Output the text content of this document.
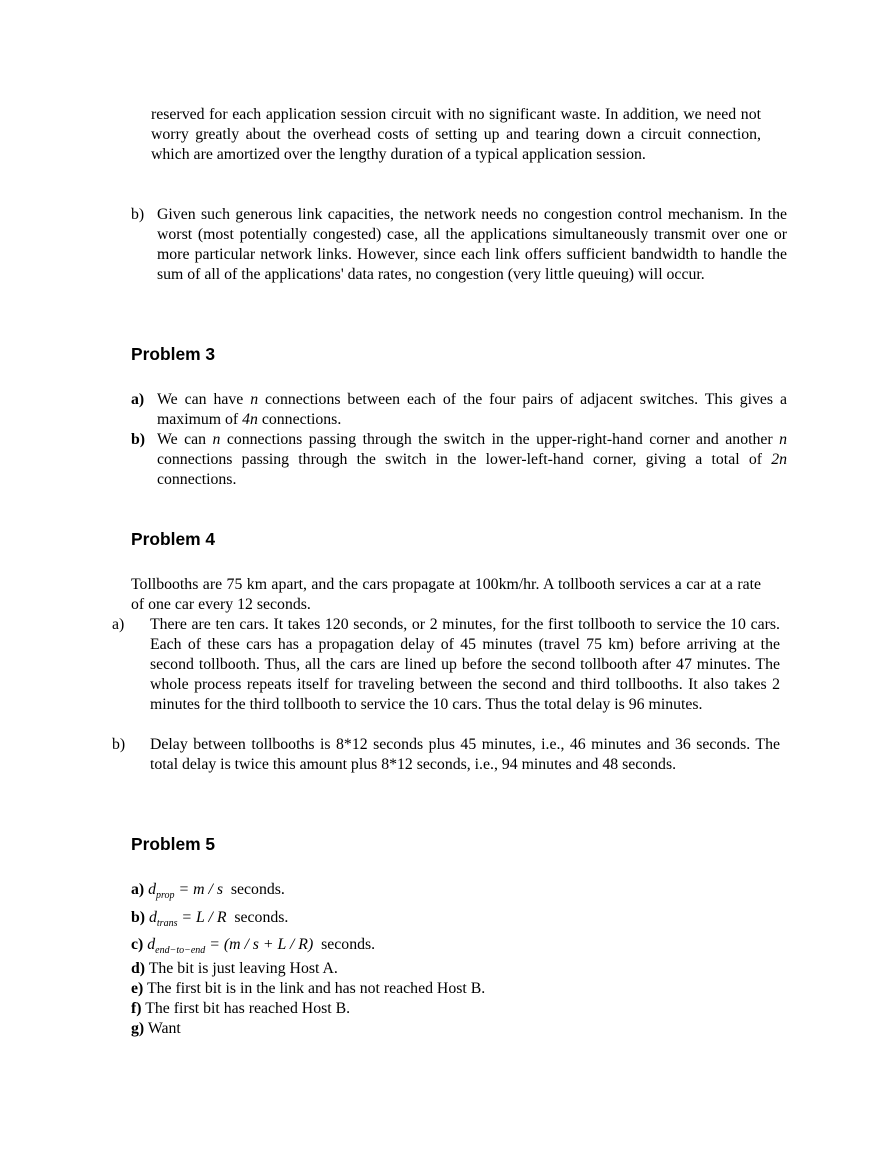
reserved for each application session circuit with no significant waste. In addition, we need not worry greatly about the overhead costs of setting up and tearing down a circuit connection, which are amortized over the lengthy duration of a typical application session.

b) Given such generous link capacities, the network needs no congestion control mechanism. In the worst (most potentially congested) case, all the applications simultaneously transmit over one or more particular network links. However, since each link offers sufficient bandwidth to handle the sum of all of the applications' data rates, no congestion (very little queuing) will occur.
Problem 3
a) We can have n connections between each of the four pairs of adjacent switches. This gives a maximum of 4n connections.
b) We can n connections passing through the switch in the upper-right-hand corner and another n connections passing through the switch in the lower-left-hand corner, giving a total of 2n connections.
Problem 4
Tollbooths are 75 km apart, and the cars propagate at 100km/hr. A tollbooth services a car at a rate of one car every 12 seconds.
a) There are ten cars. It takes 120 seconds, or 2 minutes, for the first tollbooth to service the 10 cars. Each of these cars has a propagation delay of 45 minutes (travel 75 km) before arriving at the second tollbooth. Thus, all the cars are lined up before the second tollbooth after 47 minutes. The whole process repeats itself for traveling between the second and third tollbooths. It also takes 2 minutes for the third tollbooth to service the 10 cars. Thus the total delay is 96 minutes.
b) Delay between tollbooths is 8*12 seconds plus 45 minutes, i.e., 46 minutes and 36 seconds. The total delay is twice this amount plus 8*12 seconds, i.e., 94 minutes and 48 seconds.
Problem 5
a) $d_{prop} = m / s$ seconds.
b) $d_{trans} = L / R$ seconds.
c) $d_{end-to-end} = (m / s + L / R)$ seconds.
d) The bit is just leaving Host A.
e) The first bit is in the link and has not reached Host B.
f) The first bit has reached Host B.
g) Want
